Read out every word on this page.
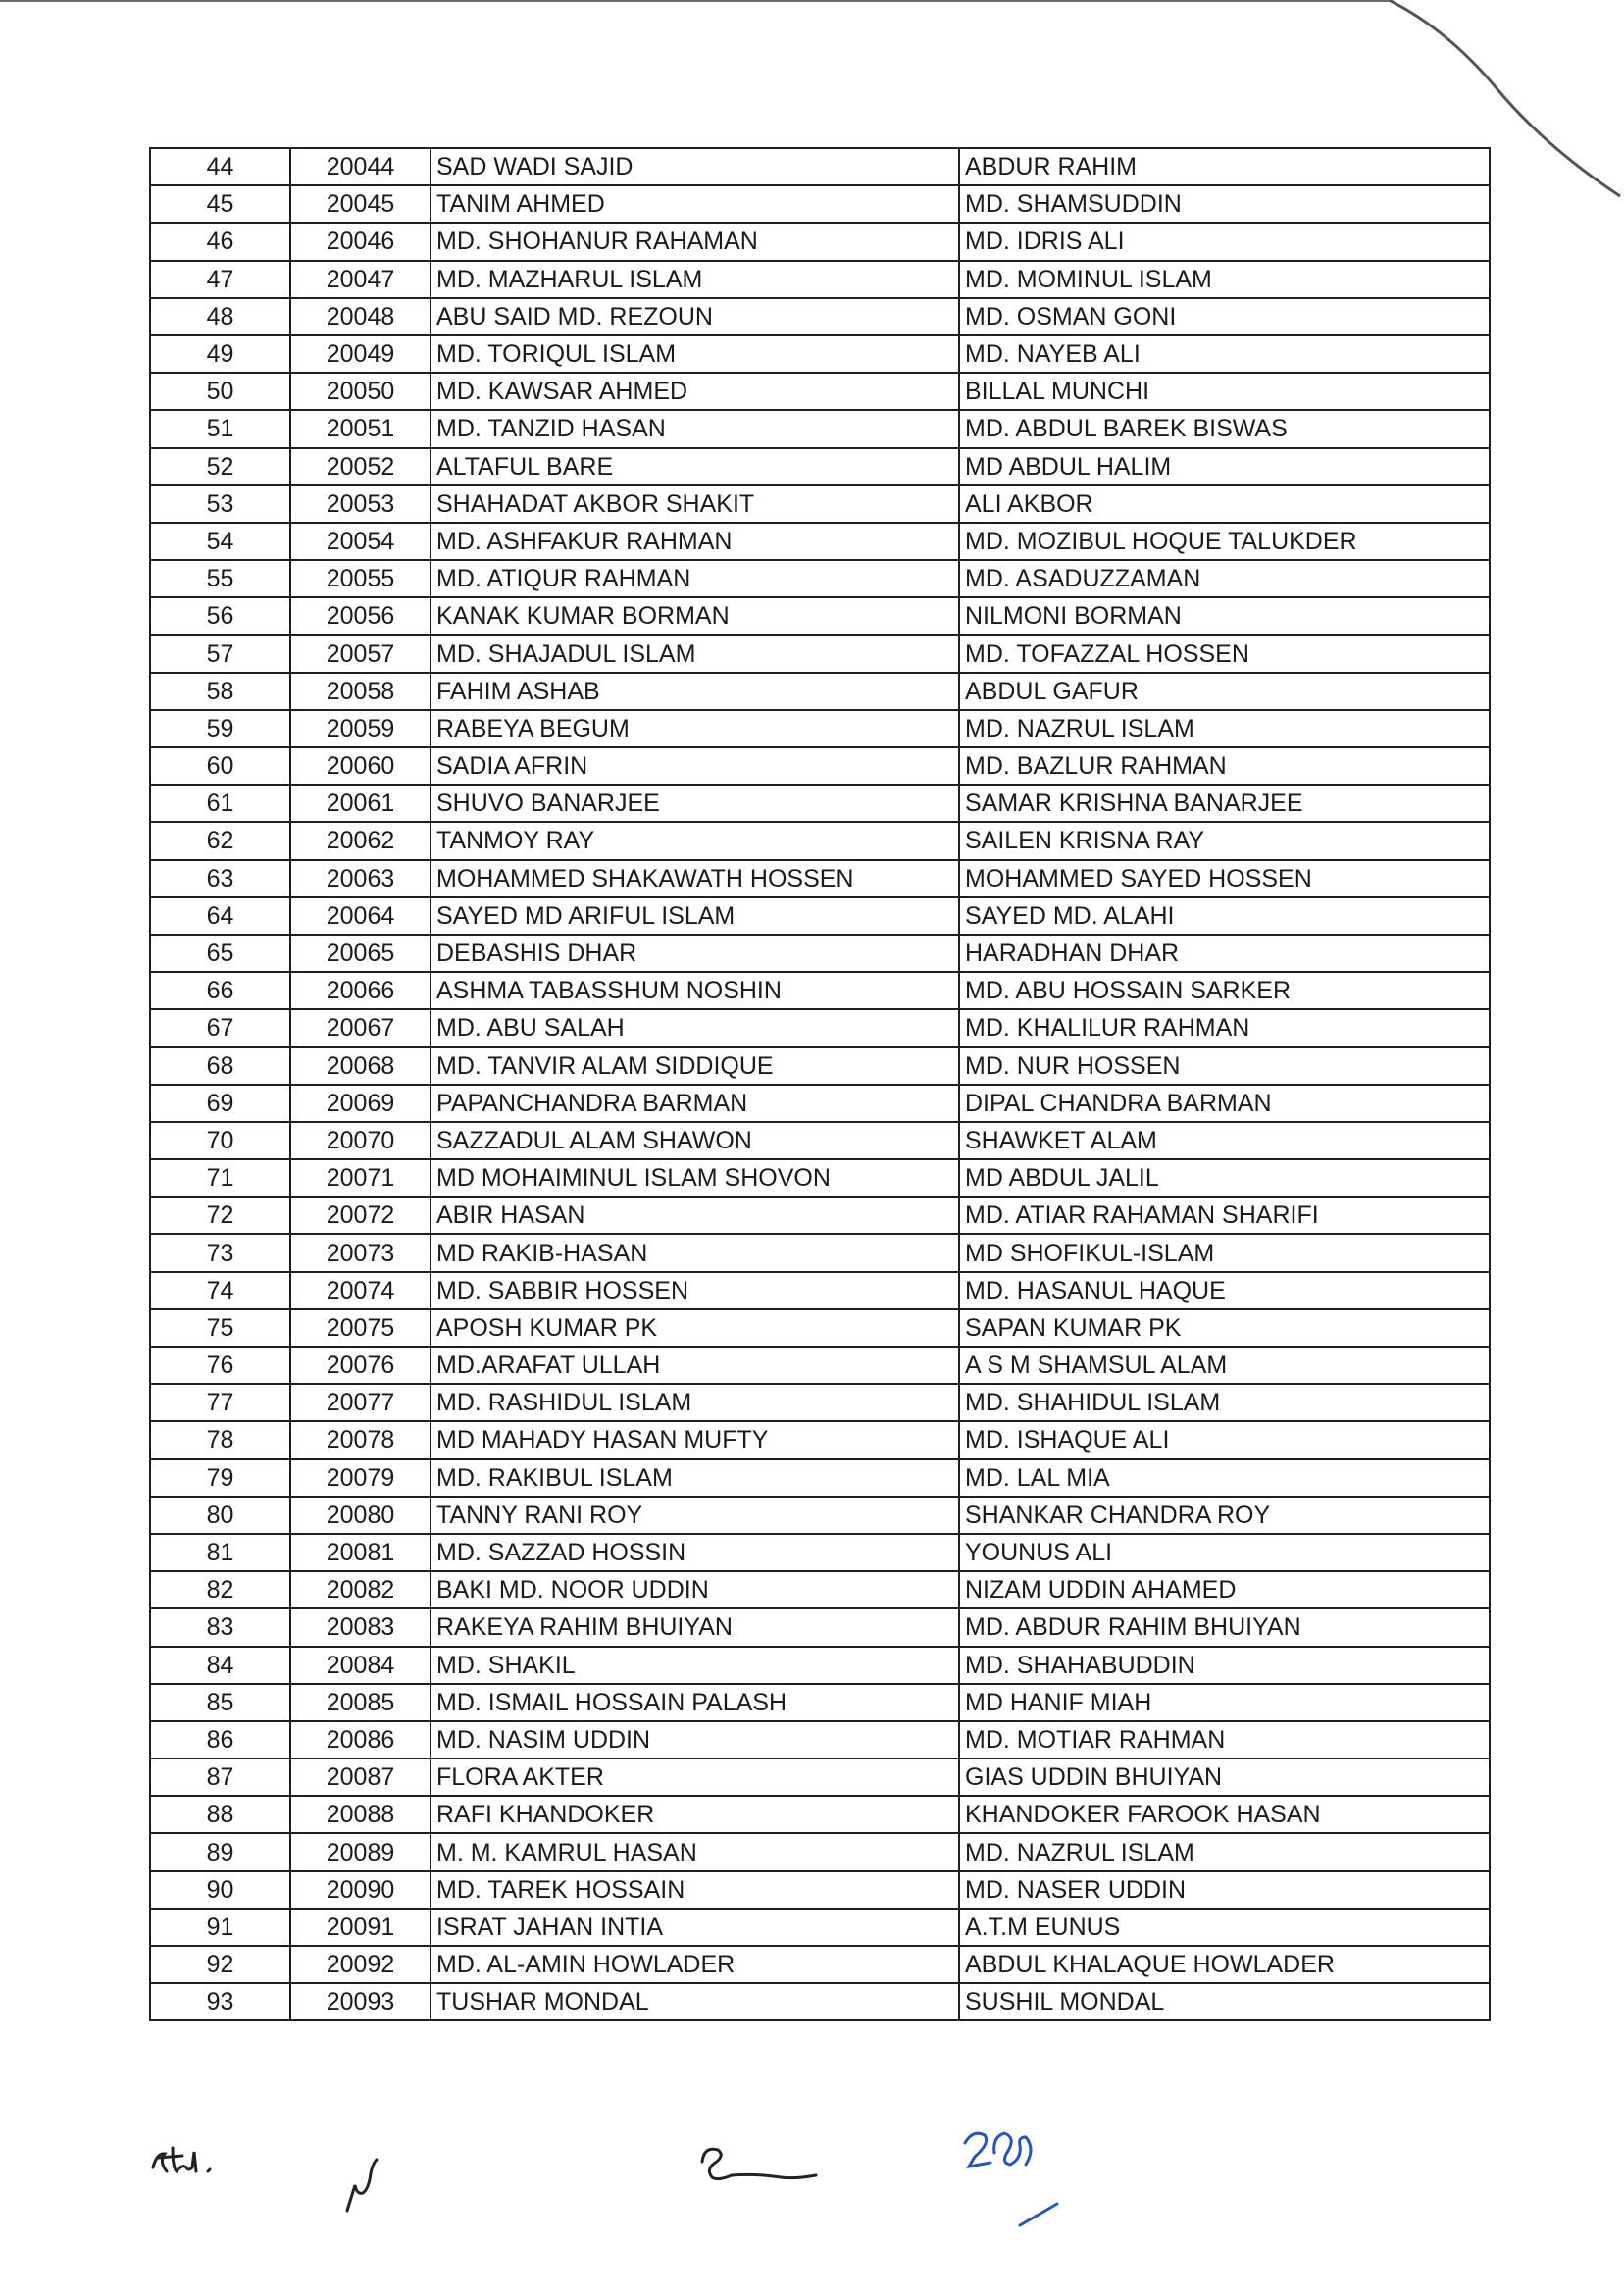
44	20044	SAD WADI SAJID	ABDUR RAHIM
45	20045	TANIM AHMED	MD. SHAMSUDDIN
46	20046	MD. SHOHANUR RAHAMAN	MD. IDRIS ALI
47	20047	MD. MAZHARUL ISLAM	MD. MOMINUL ISLAM
48	20048	ABU SAID MD. REZOUN	MD. OSMAN GONI
49	20049	MD. TORIQUL ISLAM	MD. NAYEB ALI
50	20050	MD. KAWSAR AHMED	BILLAL MUNCHI
51	20051	MD. TANZID HASAN	MD. ABDUL BAREK BISWAS
52	20052	ALTAFUL BARE	MD ABDUL HALIM
53	20053	SHAHADAT AKBOR SHAKIT	ALI AKBOR
54	20054	MD. ASHFAKUR RAHMAN	MD. MOZIBUL HOQUE TALUKDER
55	20055	MD. ATIQUR RAHMAN	MD. ASADUZZAMAN
56	20056	KANAK KUMAR BORMAN	NILMONI BORMAN
57	20057	MD. SHAJADUL ISLAM	MD. TOFAZZAL HOSSEN
58	20058	FAHIM ASHAB	ABDUL GAFUR
59	20059	RABEYA BEGUM	MD. NAZRUL ISLAM
60	20060	SADIA AFRIN	MD. BAZLUR RAHMAN
61	20061	SHUVO BANARJEE	SAMAR KRISHNA BANARJEE
62	20062	TANMOY RAY	SAILEN KRISNA RAY
63	20063	MOHAMMED SHAKAWATH HOSSEN	MOHAMMED SAYED HOSSEN
64	20064	SAYED MD ARIFUL ISLAM	SAYED MD. ALAHI
65	20065	DEBASHIS DHAR	HARADHAN DHAR
66	20066	ASHMA TABASSHUM NOSHIN	MD. ABU HOSSAIN SARKER
67	20067	MD. ABU SALAH	MD. KHALILUR RAHMAN
68	20068	MD. TANVIR ALAM SIDDIQUE	MD. NUR HOSSEN
69	20069	PAPANCHANDRA BARMAN	DIPAL CHANDRA BARMAN
70	20070	SAZZADUL ALAM SHAWON	SHAWKET ALAM
71	20071	MD MOHAIMINUL ISLAM SHOVON	MD ABDUL JALIL
72	20072	ABIR HASAN	MD. ATIAR RAHAMAN SHARIFI
73	20073	MD RAKIB-HASAN	MD SHOFIKUL-ISLAM
74	20074	MD. SABBIR HOSSEN	MD. HASANUL HAQUE
75	20075	APOSH KUMAR PK	SAPAN KUMAR PK
76	20076	MD.ARAFAT ULLAH	A S M SHAMSUL ALAM
77	20077	MD. RASHIDUL ISLAM	MD. SHAHIDUL ISLAM
78	20078	MD MAHADY HASAN MUFTY	MD. ISHAQUE ALI
79	20079	MD. RAKIBUL ISLAM	MD. LAL MIA
80	20080	TANNY RANI ROY	SHANKAR CHANDRA ROY
81	20081	MD. SAZZAD HOSSIN	YOUNUS ALI
82	20082	BAKI MD. NOOR UDDIN	NIZAM UDDIN AHAMED
83	20083	RAKEYA RAHIM BHUIYAN	MD. ABDUR RAHIM BHUIYAN
84	20084	MD. SHAKIL	MD. SHAHABUDDIN
85	20085	MD. ISMAIL HOSSAIN PALASH	MD HANIF MIAH
86	20086	MD. NASIM UDDIN	MD. MOTIAR RAHMAN
87	20087	FLORA AKTER	GIAS UDDIN BHUIYAN
88	20088	RAFI KHANDOKER	KHANDOKER FAROOK HASAN
89	20089	M. M. KAMRUL HASAN	MD. NAZRUL ISLAM
90	20090	MD. TAREK HOSSAIN	MD. NASER UDDIN
91	20091	ISRAT JAHAN INTIA	A.T.M EUNUS
92	20092	MD. AL-AMIN HOWLADER	ABDUL KHALAQUE HOWLADER
93	20093	TUSHAR MONDAL	SUSHIL MONDAL
